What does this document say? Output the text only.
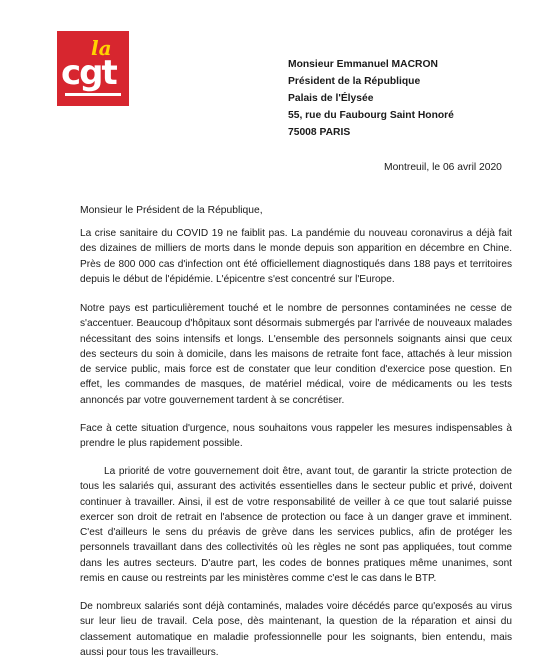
la
cgt	Monsieur Emmanuel MACRON
Président de la République
Palais de l'Élysée
55, rue du Faubourg Saint Honoré
75008 PARIS
Montreuil, le 06 avril 2020
Monsieur le Président de la République,

La crise sanitaire du COVID 19 ne faiblit pas. La pandémie du nouveau coronavirus a déjà fait des dizaines de milliers de morts dans le monde depuis son apparition en décembre en Chine. Près de 800 000 cas d'infection ont été officiellement diagnostiqués dans 188 pays et territoires depuis le début de l'épidémie. L'épicentre s'est concentré sur l'Europe.

Notre pays est particulièrement touché et le nombre de personnes contaminées ne cesse de s'accentuer. Beaucoup d'hôpitaux sont désormais submergés par l'arrivée de nouveaux malades nécessitant des soins intensifs et longs. L'ensemble des personnels soignants ainsi que ceux des secteurs du soin à domicile, dans les maisons de retraite font face, attachés à leur mission de service public, mais force est de constater que leur condition d'exercice pose question. En effet, les commandes de masques, de matériel médical, voire de médicaments ou les tests annoncés par votre gouvernement tardent à se concrétiser.

Face à cette situation d'urgence, nous souhaitons vous rappeler les mesures indispensables à prendre le plus rapidement possible.

La priorité de votre gouvernement doit être, avant tout, de garantir la stricte protection de tous les salariés qui, assurant des activités essentielles dans le secteur public et privé, doivent continuer à travailler. Ainsi, il est de votre responsabilité de veiller à ce que tout salarié puisse exercer son droit de retrait en l'absence de protection ou face à un danger grave et imminent. C'est d'ailleurs le sens du préavis de grève dans les services publics, afin de protéger les personnels travaillant dans des collectivités où les règles ne sont pas appliquées, tout comme dans les autres secteurs. D'autre part, les codes de bonnes pratiques même unanimes, sont remis en cause ou restreints par les ministères comme c'est le cas dans le BTP.

De nombreux salariés sont déjà contaminés, malades voire décédés parce qu'exposés au virus sur leur lieu de travail. Cela pose, dès maintenant, la question de la réparation et ainsi du classement automatique en maladie professionnelle pour les soignants, bien entendu, mais aussi pour tous les travailleurs.
